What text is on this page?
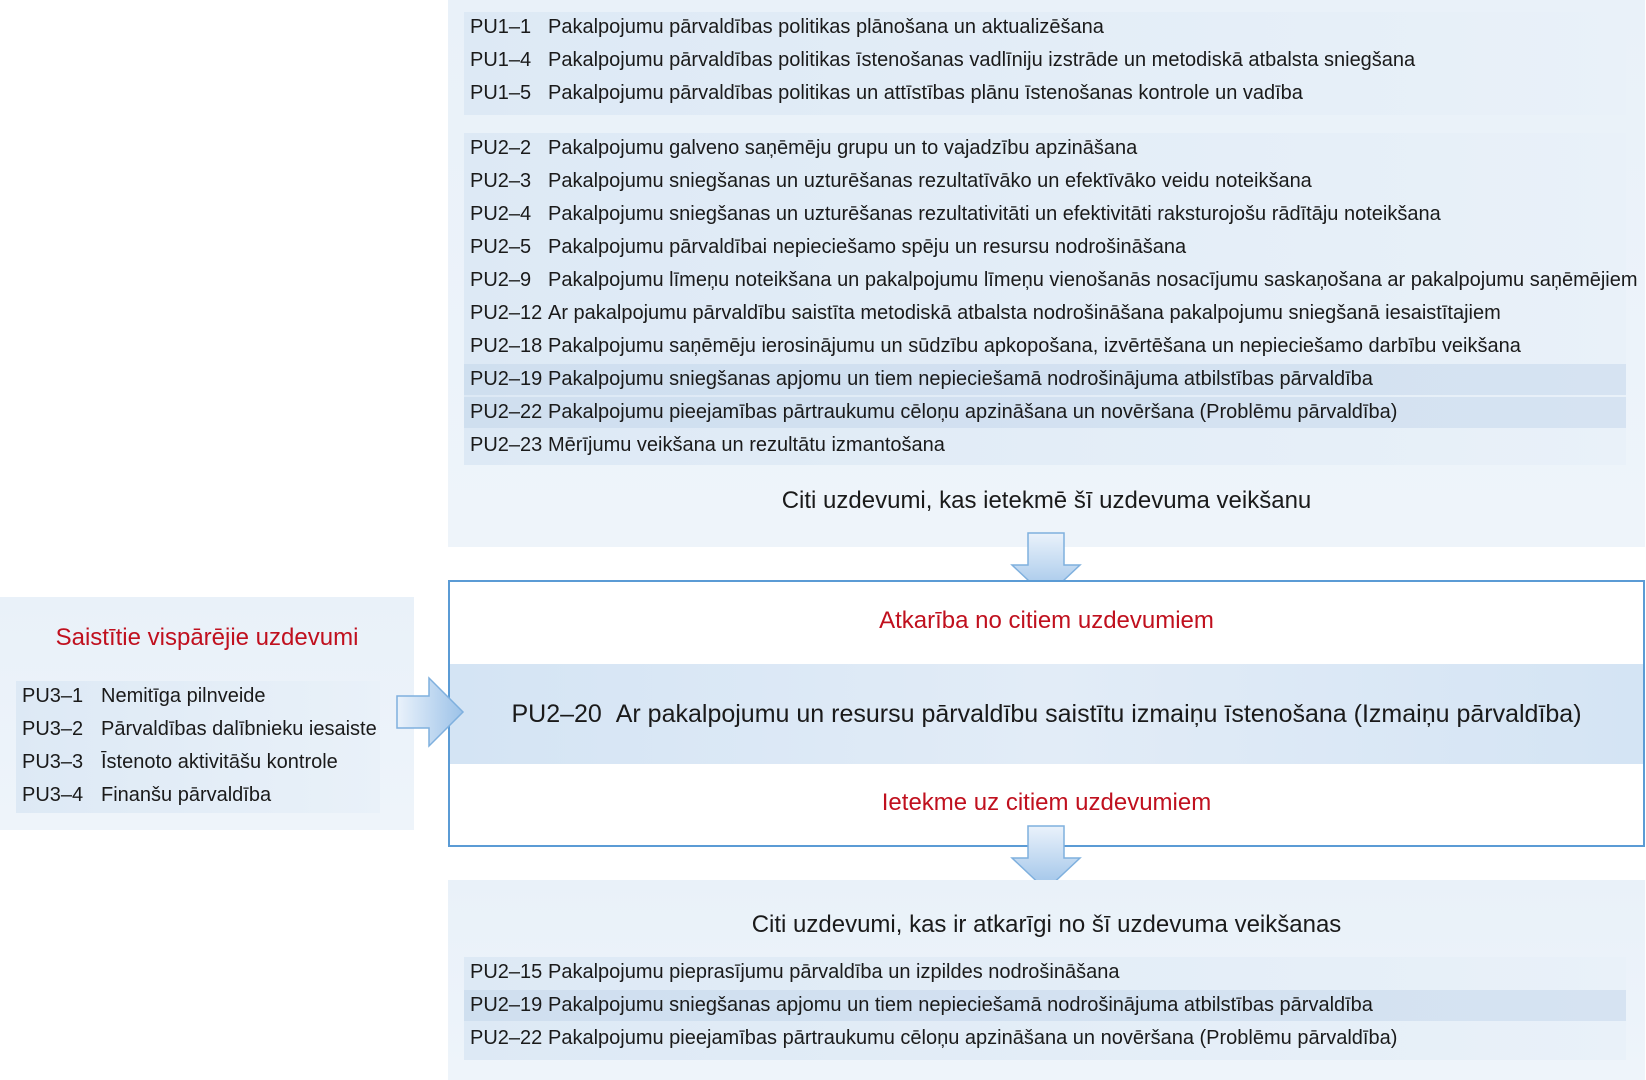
PU1–1 Pakalpojumu pārvaldības politikas plānošana un aktualizēšana
PU1–4 Pakalpojumu pārvaldības politikas īstenošanas vadlīniju izstrāde un metodiskā atbalsta sniegšana
PU1–5 Pakalpojumu pārvaldības politikas un attīstības plānu īstenošanas kontrole un vadība
PU2–2 Pakalpojumu galveno saņēmēju grupu un to vajadzību apzināšana
PU2–3 Pakalpojumu sniegšanas un uzturēšanas rezultatīvāko un efektīvāko veidu noteikšana
PU2–4 Pakalpojumu sniegšanas un uzturēšanas rezultativitāti un efektivitāti raksturojošu rādītāju noteikšana
PU2–5 Pakalpojumu pārvaldībai nepieciešamo spēju un resursu nodrošināšana
PU2–9 Pakalpojumu līmeņu noteikšana un pakalpojumu līmeņu vienošanās nosacījumu saskaņošana ar pakalpojumu saņēmējiem
PU2–12 Ar pakalpojumu pārvaldību saistīta metodiskā atbalsta nodrošināšana pakalpojumu sniegšanā iesaistītajiem
PU2–18 Pakalpojumu saņēmēju ierosinājumu un sūdzību apkopošana, izvērtēšana un nepieciešamo darbību veikšana
PU2–19 Pakalpojumu sniegšanas apjomu un tiem nepieciešamā nodrošinājuma atbilstības pārvaldība
PU2–22 Pakalpojumu pieejamības pārtraukumu cēloņu apzināšana un novēršana (Problēmu pārvaldība)
PU2–23 Mērījumu veikšana un rezultātu izmantošana
Citi uzdevumi, kas ietekmē šī uzdevuma veikšanu
Atkarība no citiem uzdevumiem
PU2–20 Ar pakalpojumu un resursu pārvaldību saistītu izmaiņu īstenošana (Izmaiņu pārvaldība)
Ietekme uz citiem uzdevumiem
Saistītie vispārējie uzdevumi
PU3–1 Nemitīga pilnveide
PU3–2 Pārvaldības dalībnieku iesaiste
PU3–3 Īstenoto aktivitāšu kontrole
PU3–4 Finanšu pārvaldība
Citi uzdevumi, kas ir atkarīgi no šī uzdevuma veikšanas
PU2–15 Pakalpojumu pieprasījumu pārvaldība un izpildes nodrošināšana
PU2–19 Pakalpojumu sniegšanas apjomu un tiem nepieciešamā nodrošinājuma atbilstības pārvaldība
PU2–22 Pakalpojumu pieejamības pārtraukumu cēloņu apzināšana un novēršana (Problēmu pārvaldība)
